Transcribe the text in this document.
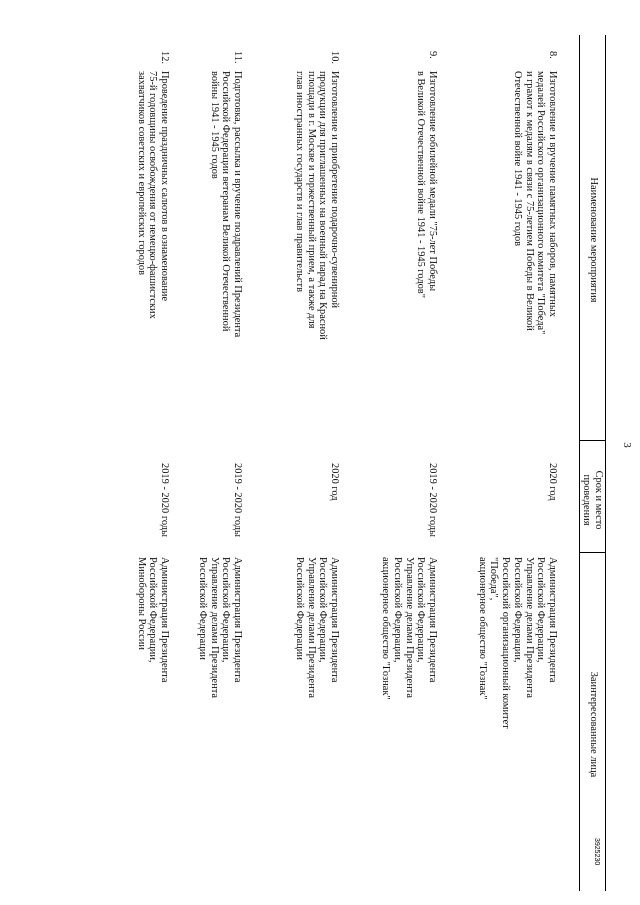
3
Наименование мероприятия
Срок и место проведения
Заинтересованные лица
8.
Изготовление и вручение памятных наборов, памятных
медалей Российского организационного комитета "Победа"
и грамот к медалям в связи с 75-летием Победы в Великой
Отечественной войне 1941 - 1945 годов
2020 год
Администрация Президента
Российской Федерации,
Управление делами Президента
Российской Федерации,
Российский организационный комитет
"Победа",
акционерное общество "Гознак"
9.
Изготовление юбилейной медали "75-лет Победы
в Великой Отечественной войне 1941 - 1945 годов"
2019 - 2020 годы
Администрация Президента
Российской Федерации,
Управление делами Президента
Российской Федерации,
акционерное общество "Гознак"
10.
Изготовление и приобретение подарочно-сувенирной
продукции для приглашенных на военный парад на Красной
площади в г. Москве и торжественный прием, а также для
глав иностранных государств и глав правительств
2020 год
Администрация Президента
Российской Федерации,
Управление делами Президента
Российской Федерации
11.
Подготовка, рассылка и вручение поздравлений Президента
Российской Федерации ветеранам Великой Отечественной
войны 1941 - 1945 годов
2019 - 2020 годы
Администрация Президента
Российской Федерации,
Управление делами Президента
Российской Федерации
12.
Проведение праздничных салютов в ознаменование
75-й годовщины освобождения от немецко-фашистских
захватчиков советских и европейских городов
2019 - 2020 годы
Администрация Президента
Российской Федерации,
Минобороны России
3925230
